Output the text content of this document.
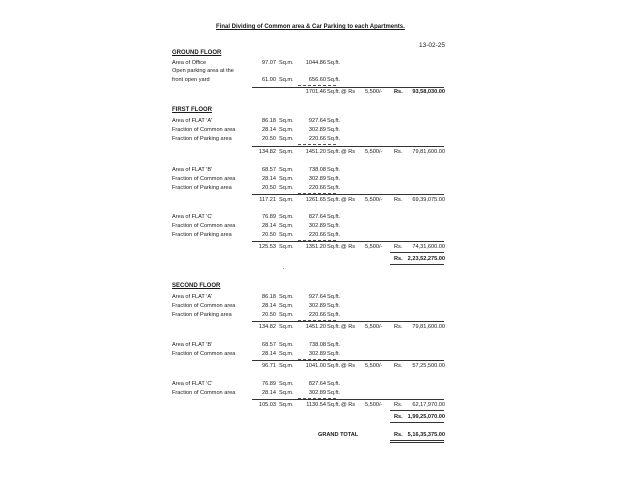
Final Dividing of Common area & Car Parking to each Apartments.
13-02-25
GROUND FLOOR
Area of Office	97.07 Sq.m.	1044.86 Sq.ft.
Open parking area at the
front open yard	61.00 Sq.m.	656.60 Sq.ft.
1701.46 Sq.ft. @ Rs 5,500/- Rs.	93,58,030.00
FIRST FLOOR
Area of FLAT 'A'	86.18 Sq.m.	927.64 Sq.ft.
Fraction of Common area	28.14 Sq.m.	302.89 Sq.ft.
Fraction of Parking area	20.50 Sq.m.	220.66 Sq.ft.
134.82 Sq.m.	1451.20 Sq.ft. @ Rs 5,500/- Rs.	79,81,600.00
Area of FLAT 'B'	68.57 Sq.m.	738.08 Sq.ft.
Fraction of Common area	28.14 Sq.m.	302.89 Sq.ft.
Fraction of Parking area	20.50 Sq.m.	220.66 Sq.ft.
117.21 Sq.m.	1261.65 Sq.ft. @ Rs 5,500/- Rs.	69,39,075.00
Area of FLAT 'C'	76.89 Sq.m.	827.64 Sq.ft.
Fraction of Common area	28.14 Sq.m.	302.89 Sq.ft.
Fraction of Parking area	20.50 Sq.m.	220.66 Sq.ft.
125.53 Sq.m.	1351.20 Sq.ft. @ Rs 5,500/- Rs.	74,31,600.00
Rs. 2,23,52,275.00
SECOND FLOOR
Area of FLAT 'A'	86.18 Sq.m.	927.64 Sq.ft.
Fraction of Common area	28.14 Sq.m.	302.89 Sq.ft.
Fraction of Parking area	20.50 Sq.m.	220.66 Sq.ft.
134.82 Sq.m.	1451.20 Sq.ft. @ Rs 5,500/- Rs.	79,81,600.00
Area of FLAT 'B'	68.57 Sq.m.	738.08 Sq.ft.
Fraction of Common area	28.14 Sq.m.	302.89 Sq.ft.
96.71 Sq.m.	1041.00 Sq.ft. @ Rs 5,500/- Rs.	57,25,500.00
Area of FLAT 'C'	76.89 Sq.m.	827.64 Sq.ft.
Fraction of Common area	28.14 Sq.m.	302.89 Sq.ft.
105.03 Sq.m.	1130.54 Sq.ft. @ Rs 5,500/- Rs.	62,17,970.00
Rs. 1,99,25,070.00
GRAND TOTAL	Rs. 5,16,35,375.00
